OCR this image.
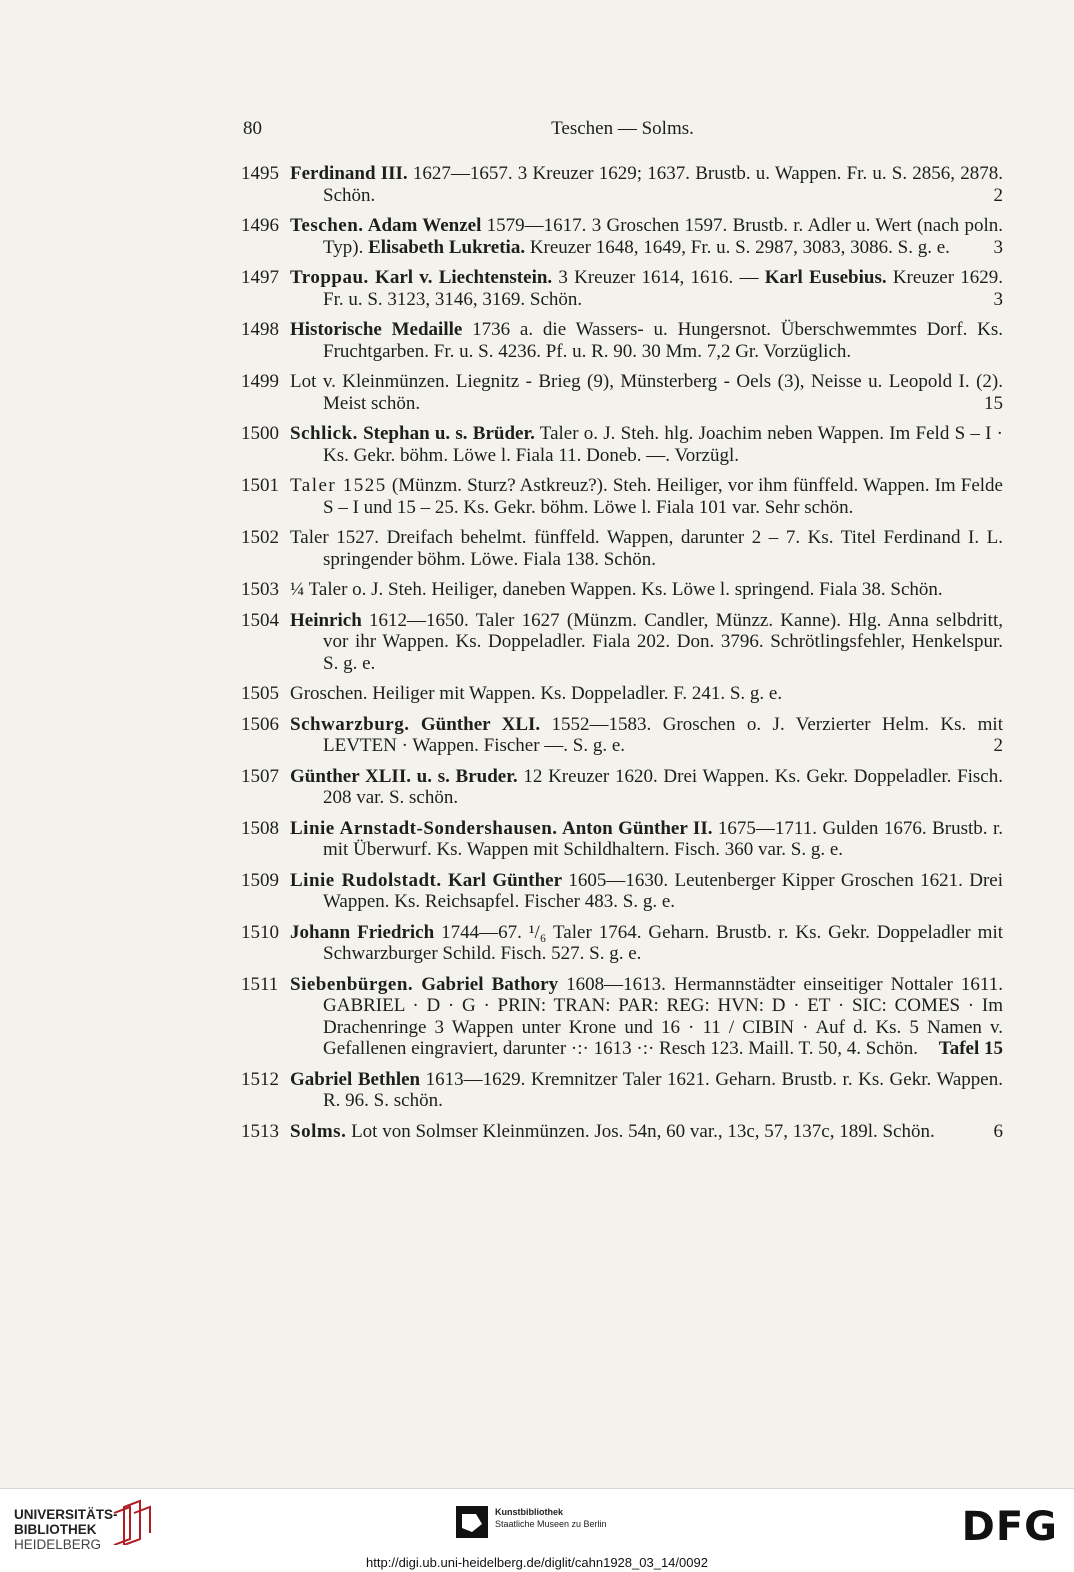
80	Teschen — Solms.
1495 Ferdinand III. 1627—1657. 3 Kreuzer 1629; 1637. Brustb. u. Wappen. Fr. u. S. 2856, 2878. Schön.	2
1496 Teschen. Adam Wenzel 1579—1617. 3 Groschen 1597. Brustb. r. Adler u. Wert (nach poln. Typ). Elisabeth Lukretia. Kreuzer 1648, 1649, Fr. u. S. 2987, 3083, 3086. S. g. e.	3
1497 Troppau. Karl v. Liechtenstein. 3 Kreuzer 1614, 1616. — Karl Eusebius. Kreuzer 1629. Fr. u. S. 3123, 3146, 3169. Schön.	3
1498 Historische Medaille 1736 a. die Wassers- u. Hungersnot. Überschwemmtes Dorf. Ks. Fruchtgarben. Fr. u. S. 4236. Pf. u. R. 90. 30 Mm. 7,2 Gr. Vorzüglich.
1499 Lot v. Kleinmünzen. Liegnitz - Brieg (9), Münsterberg - Oels (3), Neisse u. Leopold I. (2). Meist schön.	15
1500 Schlick. Stephan u. s. Brüder. Taler o. J. Steh. hlg. Joachim neben Wappen. Im Feld S – I · Ks. Gekr. böhm. Löwe l. Fiala 11. Doneb. —. Vorzügl.
1501 Taler 1525 (Münzm. Sturz? Astkreuz?). Steh. Heiliger, vor ihm fünffeld. Wappen. Im Felde S – I und 15 – 25. Ks. Gekr. böhm. Löwe l. Fiala 101 var. Sehr schön.
1502 Taler 1527. Dreifach behelmt. fünffeld. Wappen, darunter 2 – 7. Ks. Titel Ferdinand I. L. springender böhm. Löwe. Fiala 138. Schön.
1503 ¼ Taler o. J. Steh. Heiliger, daneben Wappen. Ks. Löwe l. springend. Fiala 38. Schön.
1504 Heinrich 1612—1650. Taler 1627 (Münzm. Candler, Münzz. Kanne). Hlg. Anna selbdritt, vor ihr Wappen. Ks. Doppeladler. Fiala 202. Don. 3796. Schrötlingsfehler, Henkelspur. S. g. e.
1505 Groschen. Heiliger mit Wappen. Ks. Doppeladler. F. 241. S. g. e.
1506 Schwarzburg. Günther XLI. 1552—1583. Groschen o. J. Verzierter Helm. Ks. mit LEVTEN · Wappen. Fischer —. S. g. e.	2
1507 Günther XLII. u. s. Bruder. 12 Kreuzer 1620. Drei Wappen. Ks. Gekr. Doppeladler. Fisch. 208 var. S. schön.
1508 Linie Arnstadt-Sondershausen. Anton Günther II. 1675—1711. Gulden 1676. Brustb. r. mit Überwurf. Ks. Wappen mit Schildhaltern. Fisch. 360 var. S. g. e.
1509 Linie Rudolstadt. Karl Günther 1605—1630. Leutenberger Kipper Groschen 1621. Drei Wappen. Ks. Reichsapfel. Fischer 483. S. g. e.
1510 Johann Friedrich 1744—67. ¹/₆ Taler 1764. Geharn. Brustb. r. Ks. Gekr. Doppeladler mit Schwarzburger Schild. Fisch. 527. S. g. e.
1511 Siebenbürgen. Gabriel Bathory 1608—1613. Hermannstädter einseitiger Nottaler 1611. GABRIEL · D · G · PRIN: TRAN: PAR: REG: HVN: D · ET · SIC: COMES · Im Drachenringe 3 Wappen unter Krone und 16 · 11 / CIBIN · Auf d. Ks. 5 Namen v. Gefallenen eingraviert, darunter ·:· 1613 ·:· Resch 123. Maill. T. 50, 4. Schön.	Tafel 15
1512 Gabriel Bethlen 1613—1629. Kremnitzer Taler 1621. Geharn. Brustb. r. Ks. Gekr. Wappen. R. 96. S. schön.
1513 Solms. Lot von Solmser Kleinmünzen. Jos. 54n, 60 var., 13c, 57, 137c, 189l. Schön.	6
UNIVERSITÄTS-
BIBLIOTHEK
HEIDELBERG
Kunstbibliothek
Staatliche Museen zu Berlin	DFG
http://digi.ub.uni-heidelberg.de/diglit/cahn1928_03_14/0092
